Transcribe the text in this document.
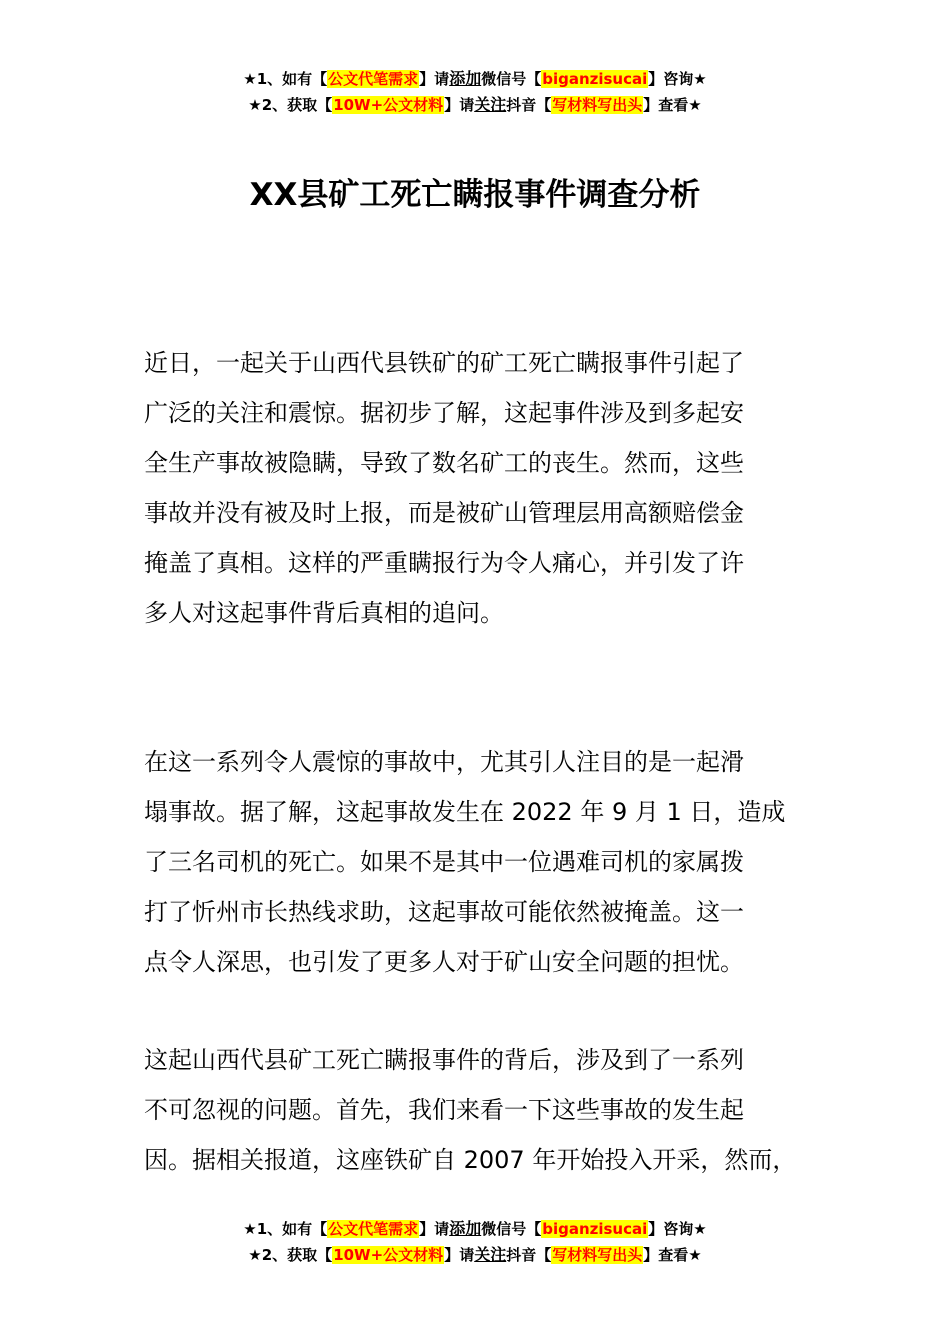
★1、如有【公文代笔需求】请添加微信号【biganzisucai】咨询★
★2、获取【10W+公文材料】请关注抖音【写材料写出头】查看★
XX县矿工死亡瞒报事件调查分析

近日，一起关于山西代县铁矿的矿工死亡瞒报事件引起了
广泛的关注和震惊。据初步了解，这起事件涉及到多起安
全生产事故被隐瞒，导致了数名矿工的丧生。然而，这些
事故并没有被及时上报，而是被矿山管理层用高额赔偿金
掩盖了真相。这样的严重瞒报行为令人痛心，并引发了许
多人对这起事件背后真相的追问。

在这一系列令人震惊的事故中，尤其引人注目的是一起滑
塌事故。据了解，这起事故发生在 2022 年 9 月 1 日，造成
了三名司机的死亡。如果不是其中一位遇难司机的家属拨
打了忻州市长热线求助，这起事故可能依然被掩盖。这一
点令人深思，也引发了更多人对于矿山安全问题的担忧。

这起山西代县矿工死亡瞒报事件的背后，涉及到了一系列
不可忽视的问题。首先，我们来看一下这些事故的发生起
因。据相关报道，这座铁矿自 2007 年开始投入开采，然而，

★1、如有【公文代笔需求】请添加微信号【biganzisucai】咨询★
★2、获取【10W+公文材料】请关注抖音【写材料写出头】查看★
